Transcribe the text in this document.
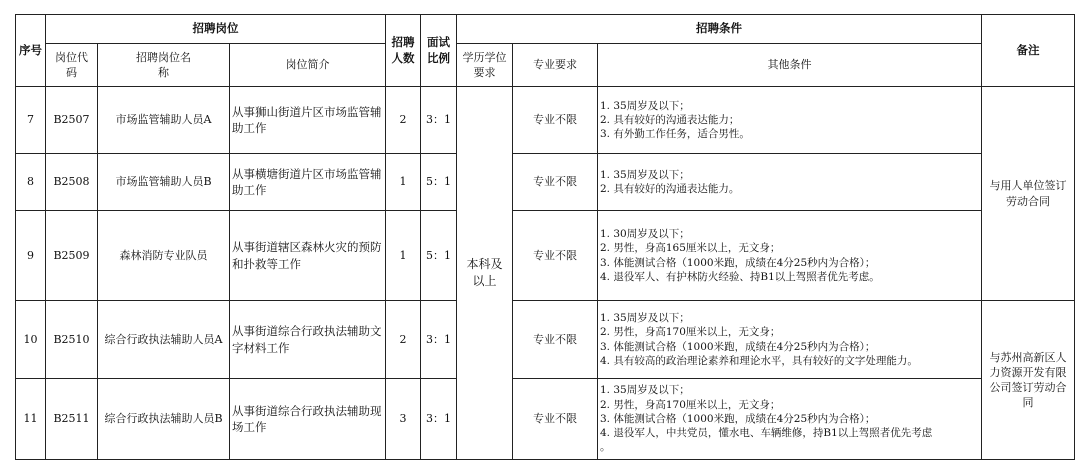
序号	招聘岗位			招聘人数	面试比例	招聘条件			备注
	岗位代码	招聘岗位名称	岗位简介			学历学位要求	专业要求	其他条件	
7	B2507	市场监管辅助人员A	从事狮山街道片区市场监管辅助工作	2	3：1	本科及以上	专业不限	1. 35周岁及以下；
2. 具有较好的沟通表达能力；
3. 有外勤工作任务，适合男性。	与用人单位签订劳动合同
8	B2508	市场监管辅助人员B	从事横塘街道片区市场监管辅助工作	1	5：1		专业不限	1. 35周岁及以下；
2. 具有较好的沟通表达能力。	

9	B2509	森林消防专业队员	从事街道辖区森林火灾的预防和扑救等工作	1	5：1		专业不限	1. 30周岁及以下；
2. 男性，身高165厘米以上，无文身；
3. 体能测试合格（1000米跑，成绩在4分25秒内为合格）；
4. 退役军人、有护林防火经验、持B1以上驾照者优先考虑。	

10	B2510	综合行政执法辅助人员A	从事街道综合行政执法辅助文字材料工作	2	3：1		专业不限	1. 35周岁及以下；
2. 男性，身高170厘米以上，无文身；
3. 体能测试合格（1000米跑，成绩在4分25秒内为合格）；
4. 具有较高的政治理论素养和理论水平，具有较好的文字处理能力。	与苏州高新区人力资源开发有限公司签订劳动合同
11	B2511	综合行政执法辅助人员B	从事街道综合行政执法辅助现场工作	3	3：1		专业不限	1. 35周岁及以下；
2. 男性，身高170厘米以上，无文身；
3. 体能测试合格（1000米跑，成绩在4分25秒内为合格）；
4. 退役军人，中共党员，懂水电、车辆维修，持B1以上驾照者优先考虑
。	
